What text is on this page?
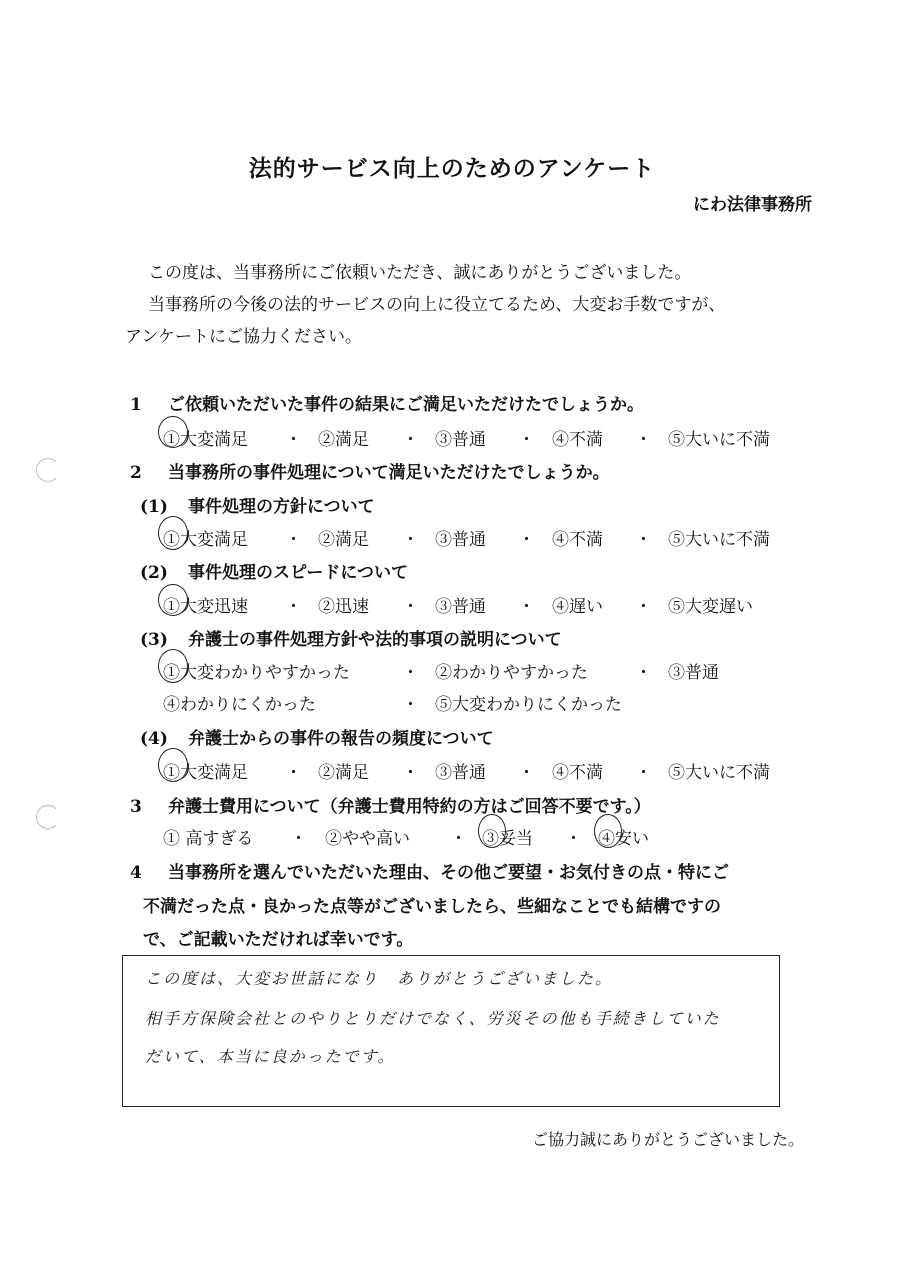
法的サービス向上のためのアンケート
にわ法律事務所
この度は、当事務所にご依頼いただき、誠にありがとうございました。
当事務所の今後の法的サービスの向上に役立てるため、大変お手数ですが、
アンケートにご協力ください。
1 ご依頼いただいた事件の結果にご満足いただけたでしょうか。
①大変満足 ・ ②満足 ・ ③普通 ・ ④不満 ・ ⑤大いに不満
2 当事務所の事件処理について満足いただけたでしょうか。
(1) 事件処理の方針について
①大変満足 ・ ②満足 ・ ③普通 ・ ④不満 ・ ⑤大いに不満
(2) 事件処理のスピードについて
①大変迅速 ・ ②迅速 ・ ③普通 ・ ④遅い ・ ⑤大変遅い
(3) 弁護士の事件処理方針や法的事項の説明について
①大変わかりやすかった	・ ②わかりやすかった	・ ③普通
④わかりにくかった	・ ⑤大変わかりにくかった
(4) 弁護士からの事件の報告の頻度について
①大変満足 ・ ②満足 ・ ③普通 ・ ④不満 ・ ⑤大いに不満
3 弁護士費用について（弁護士費用特約の方はご回答不要です。）
① 高すぎる ・ ②やや高い ・ ③妥当 ・ ④安い
4 当事務所を選んでいただいた理由、その他ご要望・お気付きの点・特にご
不満だった点・良かった点等がございましたら、些細なことでも結構ですの
で、ご記載いただければ幸いです。
この度は、大変お世話になり　ありがとうございました。
相手方保険会社とのやりとりだけでなく、労災その他も手続きしていた
だいて、本当に良かったです。
ご協力誠にありがとうございました。
